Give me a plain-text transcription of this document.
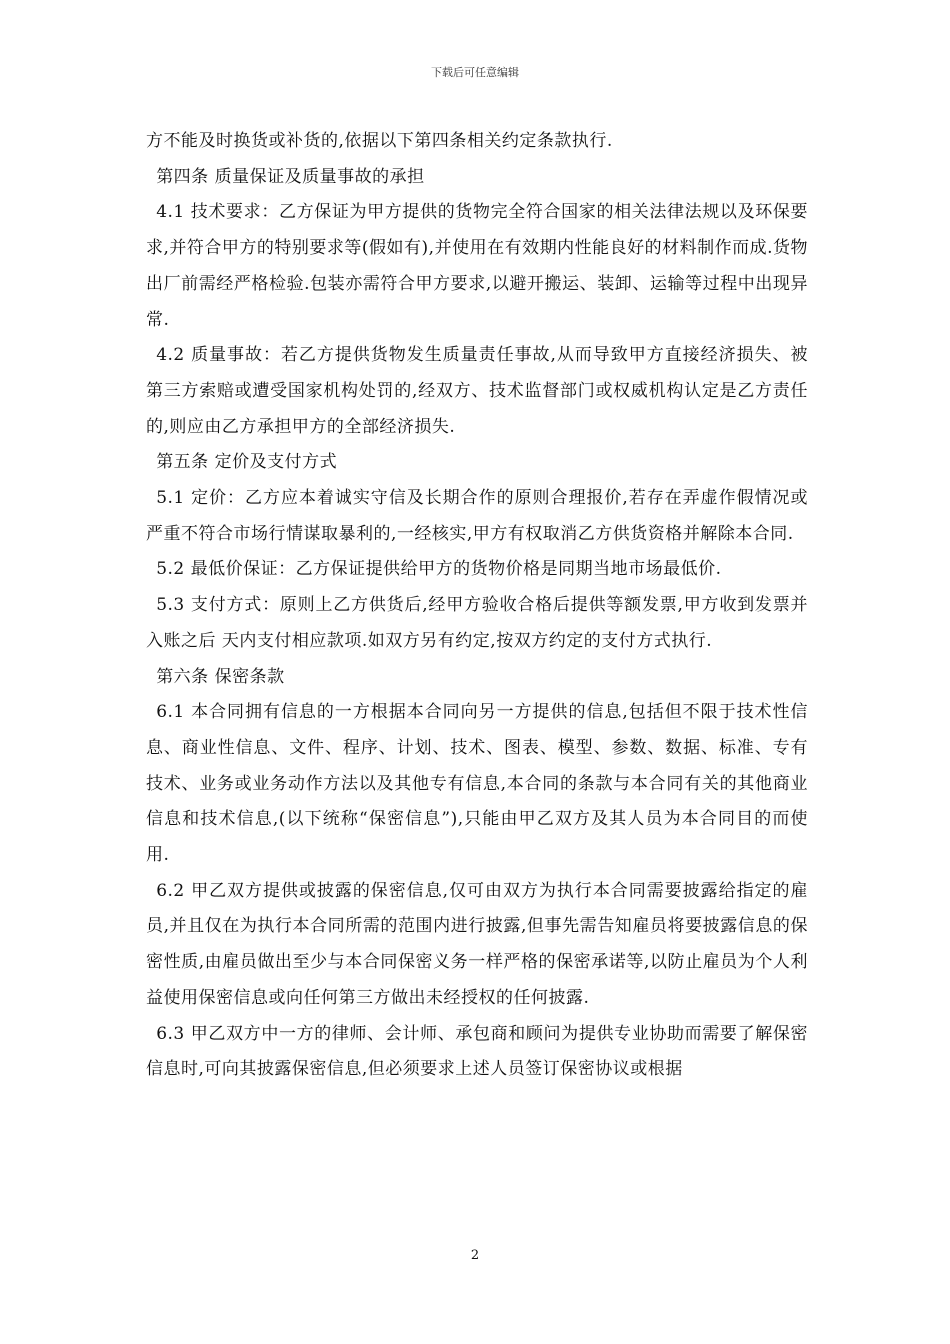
下载后可任意编辑

方不能及时换货或补货的,依据以下第四条相关约定条款执行.

第四条 质量保证及质量事故的承担

4.1 技术要求：乙方保证为甲方提供的货物完全符合国家的相关法律法规以及环保要求,并符合甲方的特别要求等(假如有),并使用在有效期内性能良好的材料制作而成.货物出厂前需经严格检验.包装亦需符合甲方要求,以避开搬运、装卸、运输等过程中出现异常.

4.2 质量事故：若乙方提供货物发生质量责任事故,从而导致甲方直接经济损失、被第三方索赔或遭受国家机构处罚的,经双方、技术监督部门或权威机构认定是乙方责任的,则应由乙方承担甲方的全部经济损失.

第五条 定价及支付方式

5.1 定价：乙方应本着诚实守信及长期合作的原则合理报价,若存在弄虚作假情况或严重不符合市场行情谋取暴利的,一经核实,甲方有权取消乙方供货资格并解除本合同.

5.2 最低价保证：乙方保证提供给甲方的货物价格是同期当地市场最低价.

5.3 支付方式：原则上乙方供货后,经甲方验收合格后提供等额发票,甲方收到发票并入账之后 天内支付相应款项.如双方另有约定,按双方约定的支付方式执行.

第六条 保密条款

6.1 本合同拥有信息的一方根据本合同向另一方提供的信息,包括但不限于技术性信息、商业性信息、文件、程序、计划、技术、图表、模型、参数、数据、标准、专有技术、业务或业务动作方法以及其他专有信息,本合同的条款与本合同有关的其他商业信息和技术信息,(以下统称“保密信息”),只能由甲乙双方及其人员为本合同目的而使用.

6.2 甲乙双方提供或披露的保密信息,仅可由双方为执行本合同需要披露给指定的雇员,并且仅在为执行本合同所需的范围内进行披露,但事先需告知雇员将要披露信息的保密性质,由雇员做出至少与本合同保密义务一样严格的保密承诺等,以防止雇员为个人利益使用保密信息或向任何第三方做出未经授权的任何披露.

6.3 甲乙双方中一方的律师、会计师、承包商和顾问为提供专业协助而需要了解保密信息时,可向其披露保密信息,但必须要求上述人员签订保密协议或根据

2
